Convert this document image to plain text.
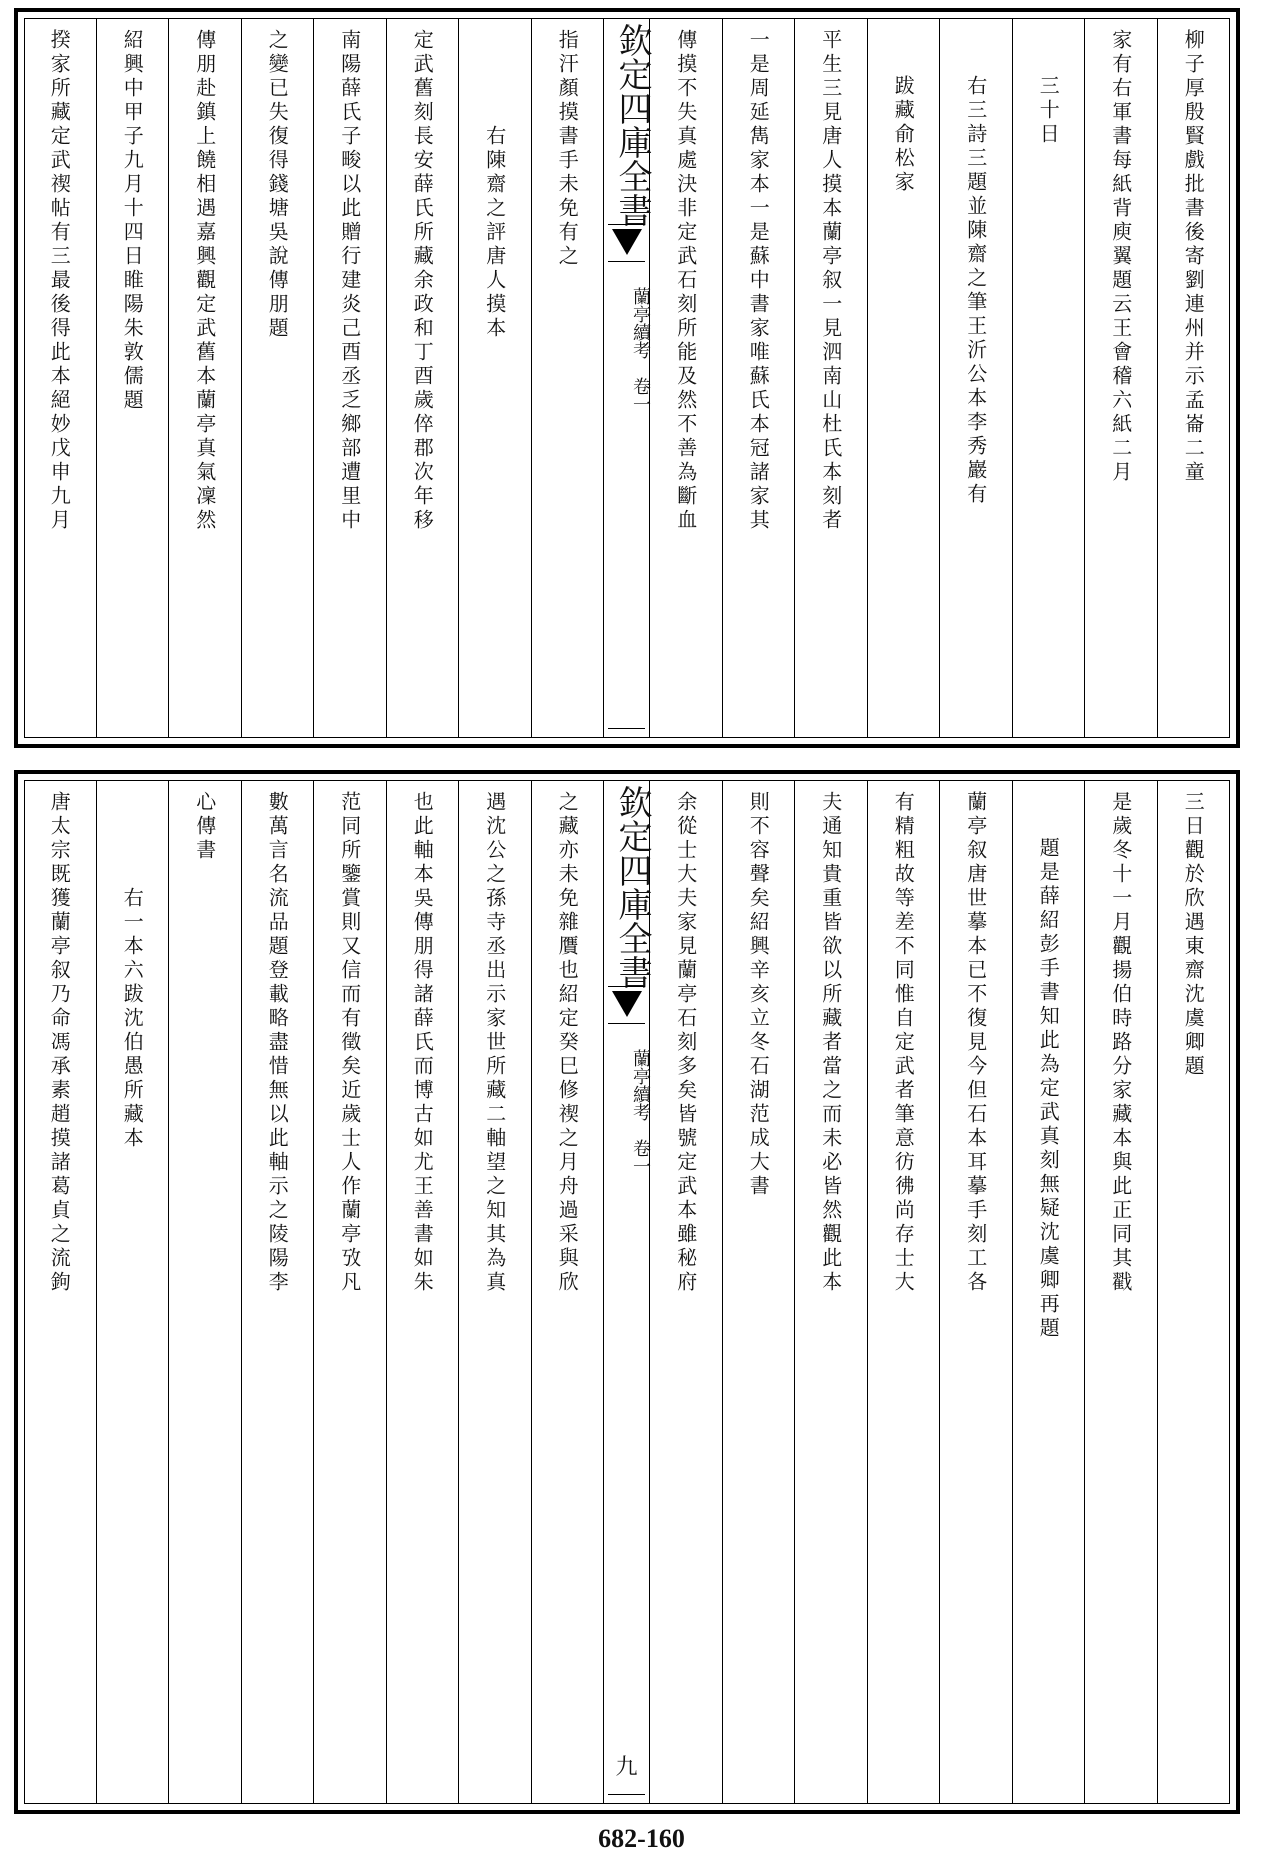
柳子厚殷賢戲批書後寄劉連州并示孟崙二童
家有右軍書每紙背庾翼題云王會稽六紙二月
三十日
右三詩三題並陳齋之筆王沂公本李秀巖有
跋藏俞松家
平生三見唐人摸本蘭亭叙一見泗南山杜氏本刻者
一是周延雋家本一是蘇中書家唯蘇氏本冠諸家其
傳摸不失真處決非定武石刻所能及然不善為斷血
欽定四庫全書
蘭亭續考
卷一
指汗顏摸書手未免有之
右陳齋之評唐人摸本
定武舊刻長安薛氏所藏余政和丁酉歲倅郡次年移
南陽薛氏子畯以此贈行建炎己酉丞乏鄉部遭里中
之變已失復得錢塘吳說傳朋題
傳朋赴鎮上饒相遇嘉興觀定武舊本蘭亭真氣凜然
紹興中甲子九月十四日睢陽朱敦儒題
揆家所藏定武禊帖有三最後得此本絕妙戊申九月
三日觀於欣遇東齋沈虞卿題
是歲冬十一月觀揚伯時路分家藏本與此正同其戳
題是薛紹彭手書知此為定武真刻無疑沈虞卿再題
蘭亭叙唐世摹本已不復見今但石本耳摹手刻工各
有精粗故等差不同惟自定武者筆意彷彿尚存士大
夫通知貴重皆欲以所藏者當之而未必皆然觀此本
則不容聲矣紹興辛亥立冬石湖范成大書
余從士大夫家見蘭亭石刻多矣皆號定武本雖秘府
欽定四庫全書
蘭亭續考
卷一
九
之藏亦未免雜贋也紹定癸巳修禊之月舟過采與欣
遇沈公之孫寺丞出示家世所藏二軸望之知其為真
也此軸本吳傳朋得諸薛氏而博古如尤王善書如朱
范同所鑒賞則又信而有徵矣近歲士人作蘭亭攷凡
數萬言名流品題登載略盡惜無以此軸示之陵陽李
心傳書
右一本六跋沈伯愚所藏本
唐太宗既獲蘭亭叙乃命馮承素趙摸諸葛貞之流鉤
682-160
